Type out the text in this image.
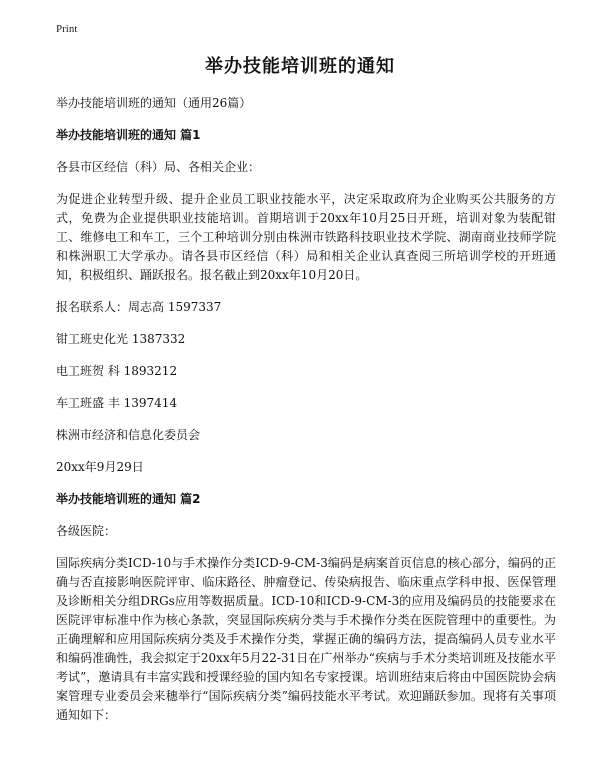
Print
举办技能培训班的通知

举办技能培训班的通知（通用26篇）

举办技能培训班的通知 篇1

各县市区经信（科）局、各相关企业：

为促进企业转型升级、提升企业员工职业技能水平，决定采取政府为企业购买公共服务的方式，免费为企业提供职业技能培训。首期培训于20xx年10月25日开班，培训对象为装配钳工、维修电工和车工，三个工种培训分别由株洲市铁路科技职业技术学院、湖南商业技师学院和株洲职工大学承办。请各县市区经信（科）局和相关企业认真查阅三所培训学校的开班通知，积极组织、踊跃报名。报名截止到20xx年10月20日。

报名联系人：周志高 1597337

钳工班史化光 1387332

电工班贺 科 1893212

车工班盛 丰 1397414

株洲市经济和信息化委员会

20xx年9月29日

举办技能培训班的通知 篇2

各级医院：

国际疾病分类ICD-10与手术操作分类ICD-9-CM-3编码是病案首页信息的核心部分，编码的正确与否直接影响医院评审、临床路径、肿瘤登记、传染病报告、临床重点学科申报、医保管理及诊断相关分组DRGs应用等数据质量。ICD-10和ICD-9-CM-3的应用及编码员的技能要求在医院评审标准中作为核心条款，突显国际疾病分类与手术操作分类在医院管理中的重要性。为正确理解和应用国际疾病分类及手术操作分类，掌握正确的编码方法，提高编码人员专业水平和编码准确性，我会拟定于20xx年5月22-31日在广州举办“疾病与手术分类培训班及技能水平考试”，邀请具有丰富实践和授课经验的国内知名专家授课。培训班结束后将由中国医院协会病案管理专业委员会来穗举行“国际疾病分类”编码技能水平考试。欢迎踊跃参加。现将有关事项通知如下：
